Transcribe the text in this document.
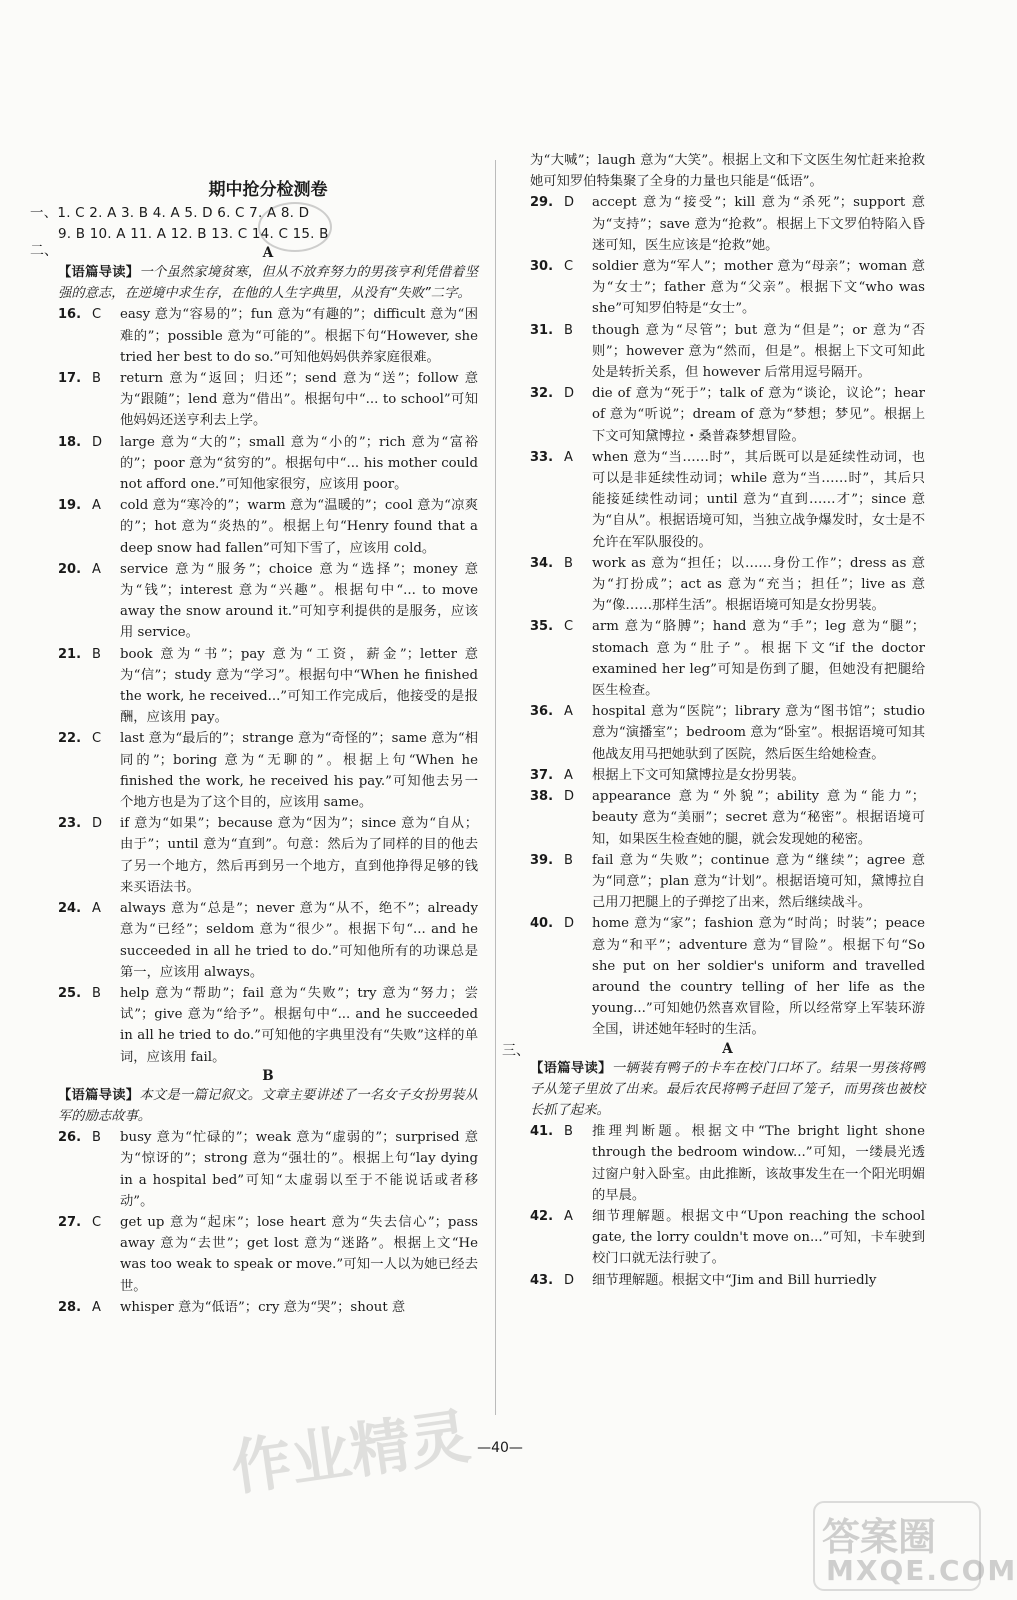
期中抢分检测卷
一、1. C 2. A 3. B 4. A 5. D 6. C 7. A 8. D
9. B 10. A 11. A 12. B 13. C 14. C 15. B
二、	A

【语篇导读】一个虽然家境贫寒，但从不放弃努力的男孩亨利凭借着坚强的意志，在逆境中求生存，在他的人生字典里，从没有“失败”二字。

16. C	easy 意为“容易的”；fun 意为“有趣的”；difficult 意为“困难的”；possible 意为“可能的”。根据下句“However, she tried her best to do so.”可知他妈妈供养家庭很难。
17. B	return 意为“返回；归还”；send 意为“送”；follow 意为“跟随”；lend 意为“借出”。根据句中“... to school”可知他妈妈还送亨利去上学。
18. D	large 意为“大的”；small 意为“小的”；rich 意为“富裕的”；poor 意为“贫穷的”。根据句中“... his mother could not afford one.”可知他家很穷，应该用 poor。
19. A	cold 意为“寒冷的”；warm 意为“温暖的”；cool 意为“凉爽的”；hot 意为“炎热的”。根据上句“Henry found that a deep snow had fallen”可知下雪了，应该用 cold。
20. A	service 意为“服务”；choice 意为“选择”；money 意为“钱”；interest 意为“兴趣”。根据句中“... to move away the snow around it.”可知亨利提供的是服务，应该用 service。
21. B	book 意为“书”；pay 意为“工资，薪金”；letter 意为“信”；study 意为“学习”。根据句中“When he finished the work, he received...”可知工作完成后，他接受的是报酬，应该用 pay。
22. C	last 意为“最后的”；strange 意为“奇怪的”；same 意为“相同的”；boring 意为“无聊的”。根据上句“When he finished the work, he received his pay.”可知他去另一个地方也是为了这个目的，应该用 same。
23. D	if 意为“如果”；because 意为“因为”；since 意为“自从；由于”；until 意为“直到”。句意：然后为了同样的目的他去了另一个地方，然后再到另一个地方，直到他挣得足够的钱来买语法书。
24. A	always 意为“总是”；never 意为“从不，绝不”；already 意为“已经”；seldom 意为“很少”。根据下句“... and he succeeded in all he tried to do.”可知他所有的功课总是第一，应该用 always。
25. B	help 意为“帮助”；fail 意为“失败”；try 意为“努力；尝试”；give 意为“给予”。根据句中“... and he succeeded in all he tried to do.”可知他的字典里没有“失败”这样的单词，应该用 fail。
B

【语篇导读】本文是一篇记叙文。文章主要讲述了一名女子女扮男装从军的励志故事。

26. B	busy 意为“忙碌的”；weak 意为“虚弱的”；surprised 意为“惊讶的”；strong 意为“强壮的”。根据上句“lay dying in a hospital bed”可知“太虚弱以至于不能说话或者移动”。
27. C	get up 意为“起床”；lose heart 意为“失去信心”；pass away 意为“去世”；get lost 意为“迷路”。根据上文“He was too weak to speak or move.”可知一人以为她已经去世。
28. A	whisper 意为“低语”；cry 意为“哭”；shout 意

为“大喊”；laugh 意为“大笑”。根据上文和下文医生匆忙赶来抢救她可知罗伯特集聚了全身的力量也只能是“低语”。

29. D	accept 意为“接受”；kill 意为“杀死”；support 意为“支持”；save 意为“抢救”。根据上下文罗伯特陷入昏迷可知，医生应该是“抢救”她。
30. C	soldier 意为“军人”；mother 意为“母亲”；woman 意为“女士”；father 意为“父亲”。根据下文“who was she”可知罗伯特是“女士”。
31. B	though 意为“尽管”；but 意为“但是”；or 意为“否则”；however 意为“然而，但是”。根据上下文可知此处是转折关系，但 however 后常用逗号隔开。
32. D	die of 意为“死于”；talk of 意为“谈论，议论”；hear of 意为“听说”；dream of 意为“梦想；梦见”。根据上下文可知黛博拉・桑普森梦想冒险。
33. A	when 意为“当……时”，其后既可以是延续性动词，也可以是非延续性动词；while 意为“当……时”，其后只能接延续性动词；until 意为“直到……才”；since 意为“自从”。根据语境可知，当独立战争爆发时，女士是不允许在军队服役的。
34. B	work as 意为“担任；以……身份工作”；dress as 意为“打扮成”；act as 意为“充当；担任”；live as 意为“像……那样生活”。根据语境可知是女扮男装。
35. C	arm 意为“胳膊”；hand 意为“手”；leg 意为“腿”；stomach 意为“肚子”。根据下文“if the doctor examined her leg”可知是伤到了腿，但她没有把腿给医生检查。
36. A	hospital 意为“医院”；library 意为“图书馆”；studio 意为“演播室”；bedroom 意为“卧室”。根据语境可知其他战友用马把她驮到了医院，然后医生给她检查。
37. A	根据上下文可知黛博拉是女扮男装。
38. D	appearance 意为“外貌”；ability 意为“能力”；beauty 意为“美丽”；secret 意为“秘密”。根据语境可知，如果医生检查她的腿，就会发现她的秘密。
39. B	fail 意为“失败”；continue 意为“继续”；agree 意为“同意”；plan 意为“计划”。根据语境可知，黛博拉自己用刀把腿上的子弹挖了出来，然后继续战斗。
40. D	home 意为“家”；fashion 意为“时尚；时装”；peace 意为“和平”；adventure 意为“冒险”。根据下句“So she put on her soldier's uniform and travelled around the country telling of her life as the young...”可知她仍然喜欢冒险，所以经常穿上军装环游全国，讲述她年轻时的生活。
三、	A

【语篇导读】一辆装有鸭子的卡车在校门口坏了。结果一男孩将鸭子从笼子里放了出来。最后农民将鸭子赶回了笼子，而男孩也被校长抓了起来。

41. B	推理判断题。根据文中“The bright light shone through the bedroom window...”可知，一缕晨光透过窗户射入卧室。由此推断，该故事发生在一个阳光明媚的早晨。
42. A	细节理解题。根据文中“Upon reaching the school gate, the lorry couldn't move on...”可知，卡车驶到校门口就无法行驶了。
43. D	细节理解题。根据文中“Jim and Bill hurriedly
—40—
作业精灵
答案圈
MXQE.COM
